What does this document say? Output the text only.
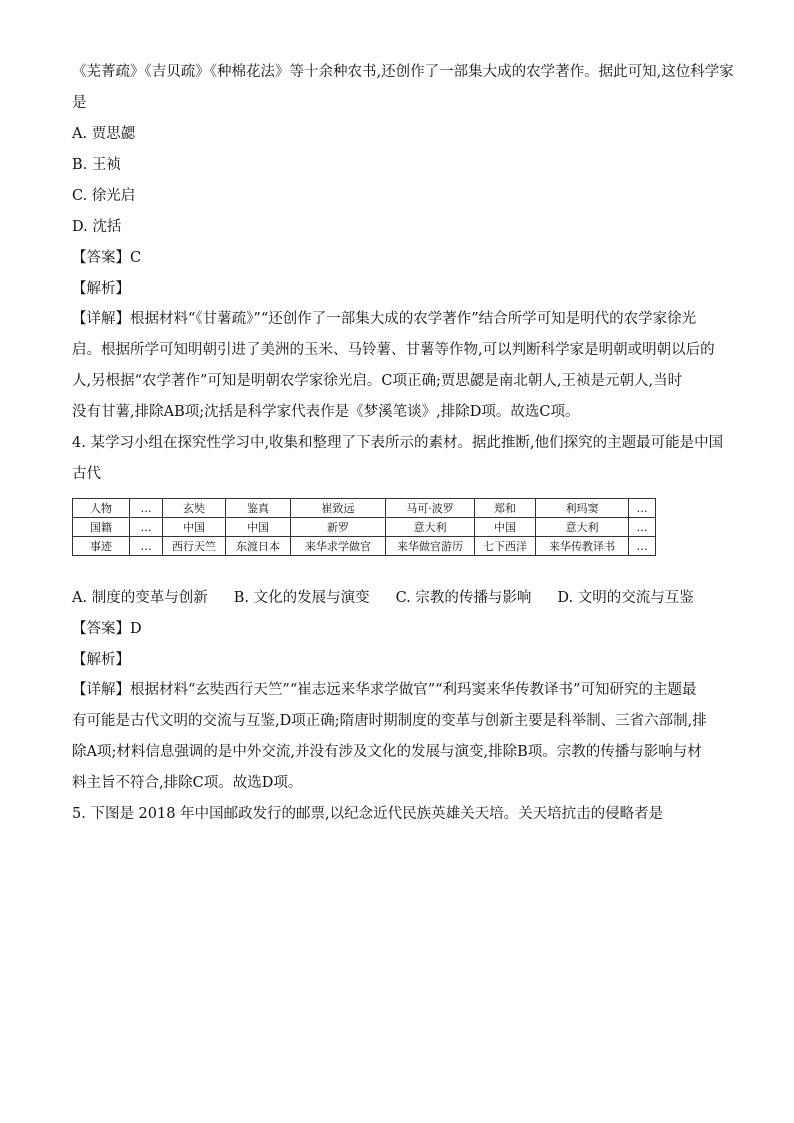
《芜菁疏》《吉贝疏》《种棉花法》等十余种农书,还创作了一部集大成的农学著作。据此可知,这位科学家

是

A. 贾思勰

B. 王祯

C. 徐光启

D. 沈括

【答案】C

【解析】

【详解】根据材料“《甘薯疏》”“还创作了一部集大成的农学著作”结合所学可知是明代的农学家徐光

启。根据所学可知明朝引进了美洲的玉米、马铃薯、甘薯等作物,可以判断科学家是明朝或明朝以后的

人,另根据“农学著作”可知是明朝农学家徐光启。C项正确;贾思勰是南北朝人,王祯是元朝人,当时

没有甘薯,排除AB项;沈括是科学家代表作是《梦溪笔谈》,排除D项。故选C项。

4. 某学习小组在探究性学习中,收集和整理了下表所示的素材。据此推断,他们探究的主题最可能是中国

古代

人物	…	玄奘	鉴真	崔致远	马可·波罗	郑和	利玛窦	…
国籍	…	中国	中国	新罗	意大利	中国	意大利	…
事迹	…	西行天竺	东渡日本	来华求学做官	来华做官游历	七下西洋	来华传教译书	…
A. 制度的变革与创新 B. 文化的发展与演变 C. 宗教的传播与影响 D. 文明的交流与互鉴

【答案】D

【解析】

【详解】根据材料“玄奘西行天竺”“崔志远来华求学做官”“利玛窦来华传教译书”可知研究的主题最

有可能是古代文明的交流与互鉴,D项正确;隋唐时期制度的变革与创新主要是科举制、三省六部制,排

除A项;材料信息强调的是中外交流,并没有涉及文化的发展与演变,排除B项。宗教的传播与影响与材

料主旨不符合,排除C项。故选D项。

5. 下图是 2018 年中国邮政发行的邮票,以纪念近代民族英雄关天培。关天培抗击的侵略者是
